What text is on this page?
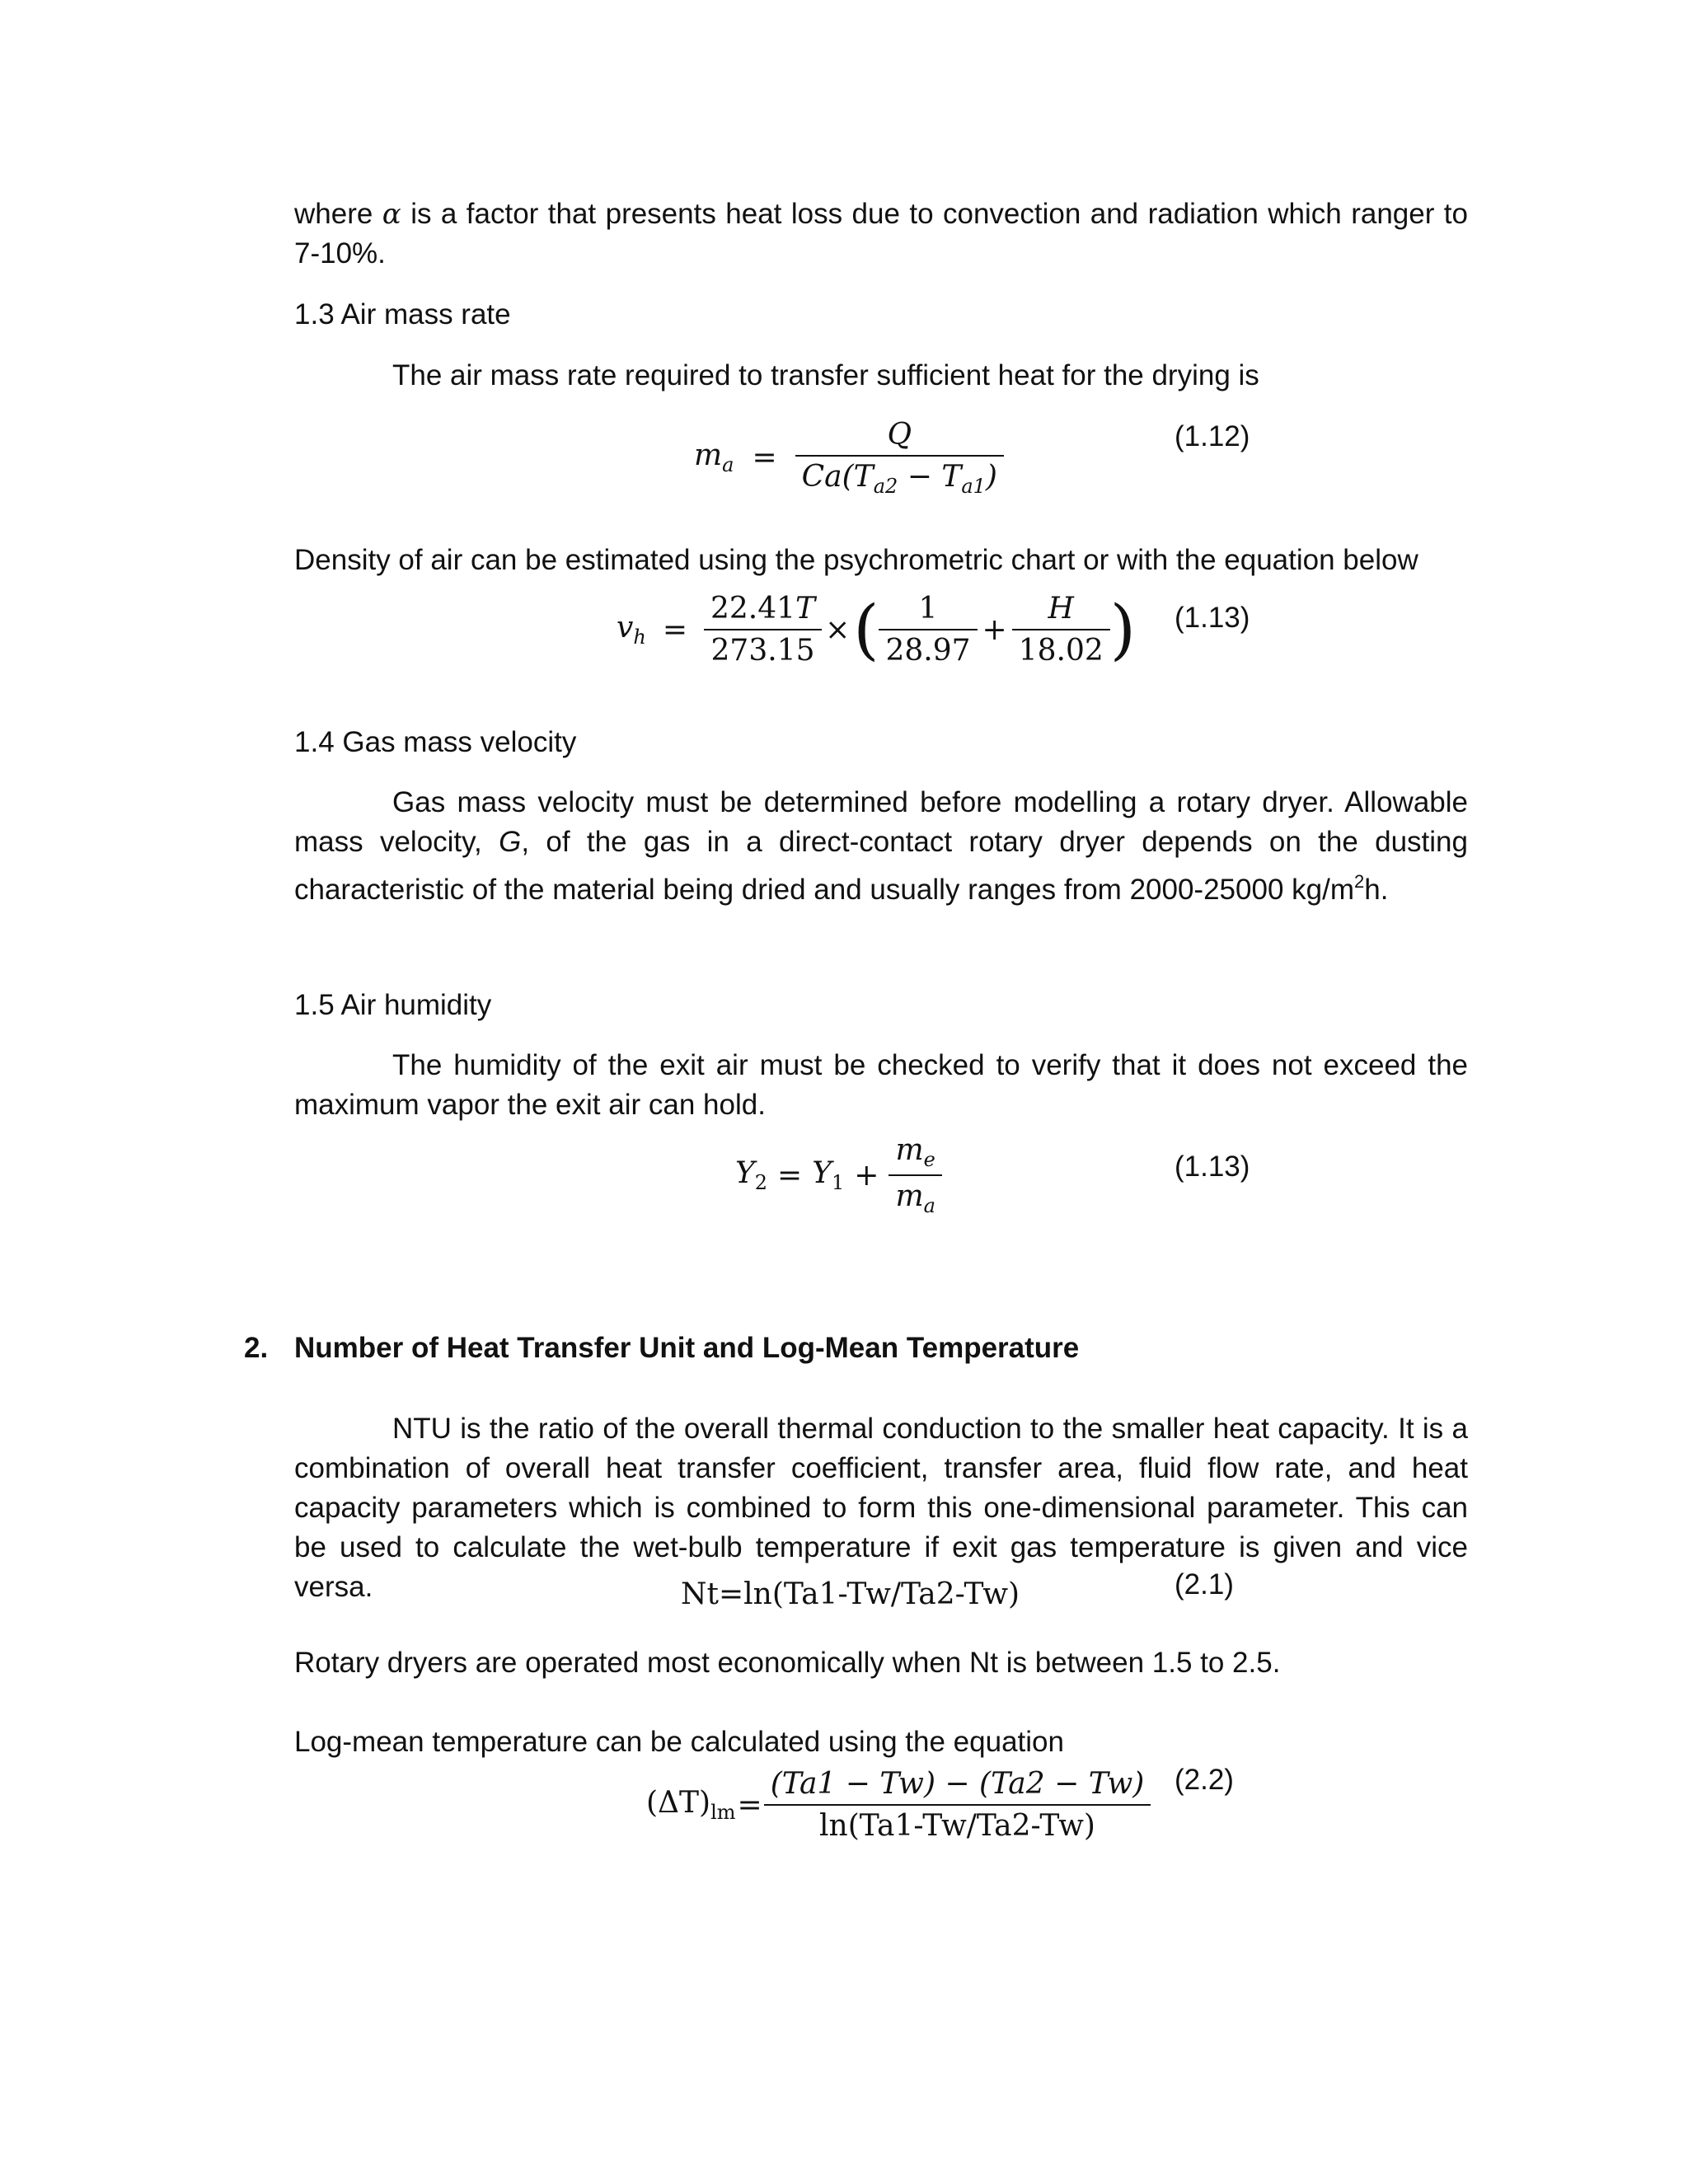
where α is a factor that presents heat loss due to convection and radiation which ranger to 7-10%.
1.3 Air mass rate
The air mass rate required to transfer sufficient heat for the drying is
$m_a = \frac{Q}{Ca(T_{a2} - T_{a1})}$	(1.12)
Density of air can be estimated using the psychrometric chart or with the equation below
$v_h = \frac{22.41T}{273.15}$ × ( $\frac{1}{28.97} + \frac{H}{18.02}$ ) (1.13)
1.4 Gas mass velocity
Gas mass velocity must be determined before modelling a rotary dryer. Allowable mass velocity, G, of the gas in a direct-contact rotary dryer depends on the dusting characteristic of the material being dried and usually ranges from 2000-25000 $kg/m^2h$.
1.5 Air humidity
The humidity of the exit air must be checked to verify that it does not exceed the maximum vapor the exit air can hold.
$Y_2 = Y_1 + \frac{m_e}{m_a}$	(1.13)
2. Number of Heat Transfer Unit and Log-Mean Temperature
NTU is the ratio of the overall thermal conduction to the smaller heat capacity. It is a combination of overall heat transfer coefficient, transfer area, fluid flow rate, and heat capacity parameters which is combined to form this one-dimensional parameter. This can be used to calculate the wet-bulb temperature if exit gas temperature is given and vice versa.	Nt=ln(Ta1-Tw/Ta2-Tw)	(2.1)
Rotary dryers are operated most economically when Nt is between 1.5 to 2.5.
Log-mean temperature can be calculated using the equation
$(\Delta T)_{lm} = \frac{(Ta1 - Tw) - (Ta2 - Tw)}{\ln(Ta1-Tw/Ta2-Tw)} (2.2)$
